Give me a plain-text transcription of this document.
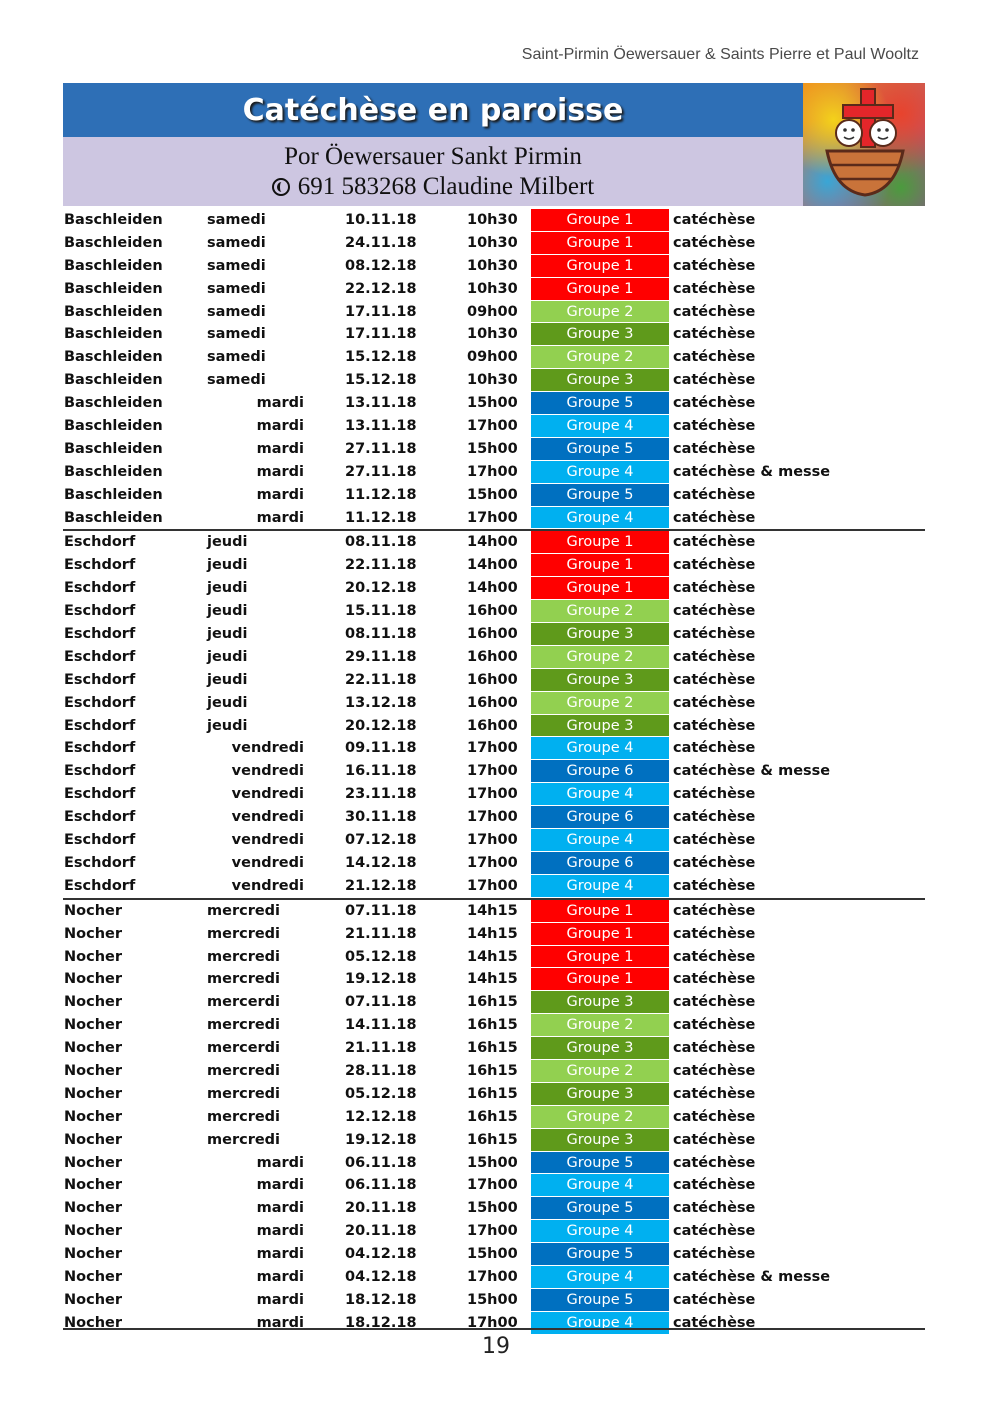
Saint-Pirmin Öewersauer & Saints Pierre et Paul Wooltz
Catéchèse en paroisse
Por Öewersauer Sankt Pirmin
691 583268 Claudine Milbert
Baschleiden	samedi	10.11.18	10h30	Groupe 1	catéchèse
Baschleiden	samedi	24.11.18	10h30	Groupe 1	catéchèse
Baschleiden	samedi	08.12.18	10h30	Groupe 1	catéchèse
Baschleiden	samedi	22.12.18	10h30	Groupe 1	catéchèse
Baschleiden	samedi	17.11.18	09h00	Groupe 2	catéchèse
Baschleiden	samedi	17.11.18	10h30	Groupe 3	catéchèse
Baschleiden	samedi	15.12.18	09h00	Groupe 2	catéchèse
Baschleiden	samedi	15.12.18	10h30	Groupe 3	catéchèse
Baschleiden	mardi	13.11.18	15h00	Groupe 5	catéchèse
Baschleiden	mardi	13.11.18	17h00	Groupe 4	catéchèse
Baschleiden	mardi	27.11.18	15h00	Groupe 5	catéchèse
Baschleiden	mardi	27.11.18	17h00	Groupe 4	catéchèse & messe
Baschleiden	mardi	11.12.18	15h00	Groupe 5	catéchèse
Baschleiden	mardi	11.12.18	17h00	Groupe 4	catéchèse
Eschdorf	jeudi	08.11.18	14h00	Groupe 1	catéchèse
Eschdorf	jeudi	22.11.18	14h00	Groupe 1	catéchèse
Eschdorf	jeudi	20.12.18	14h00	Groupe 1	catéchèse
Eschdorf	jeudi	15.11.18	16h00	Groupe 2	catéchèse
Eschdorf	jeudi	08.11.18	16h00	Groupe 3	catéchèse
Eschdorf	jeudi	29.11.18	16h00	Groupe 2	catéchèse
Eschdorf	jeudi	22.11.18	16h00	Groupe 3	catéchèse
Eschdorf	jeudi	13.12.18	16h00	Groupe 2	catéchèse
Eschdorf	jeudi	20.12.18	16h00	Groupe 3	catéchèse
Eschdorf	vendredi	09.11.18	17h00	Groupe 4	catéchèse
Eschdorf	vendredi	16.11.18	17h00	Groupe 6	catéchèse & messe
Eschdorf	vendredi	23.11.18	17h00	Groupe 4	catéchèse
Eschdorf	vendredi	30.11.18	17h00	Groupe 6	catéchèse
Eschdorf	vendredi	07.12.18	17h00	Groupe 4	catéchèse
Eschdorf	vendredi	14.12.18	17h00	Groupe 6	catéchèse
Eschdorf	vendredi	21.12.18	17h00	Groupe 4	catéchèse
Nocher	mercredi	07.11.18	14h15	Groupe 1	catéchèse
Nocher	mercredi	21.11.18	14h15	Groupe 1	catéchèse
Nocher	mercredi	05.12.18	14h15	Groupe 1	catéchèse
Nocher	mercredi	19.12.18	14h15	Groupe 1	catéchèse
Nocher	mercerdi	07.11.18	16h15	Groupe 3	catéchèse
Nocher	mercredi	14.11.18	16h15	Groupe 2	catéchèse
Nocher	mercerdi	21.11.18	16h15	Groupe 3	catéchèse
Nocher	mercredi	28.11.18	16h15	Groupe 2	catéchèse
Nocher	mercredi	05.12.18	16h15	Groupe 3	catéchèse
Nocher	mercredi	12.12.18	16h15	Groupe 2	catéchèse
Nocher	mercredi	19.12.18	16h15	Groupe 3	catéchèse
Nocher	mardi	06.11.18	15h00	Groupe 5	catéchèse
Nocher	mardi	06.11.18	17h00	Groupe 4	catéchèse
Nocher	mardi	20.11.18	15h00	Groupe 5	catéchèse
Nocher	mardi	20.11.18	17h00	Groupe 4	catéchèse
Nocher	mardi	04.12.18	15h00	Groupe 5	catéchèse
Nocher	mardi	04.12.18	17h00	Groupe 4	catéchèse & messe
Nocher	mardi	18.12.18	15h00	Groupe 5	catéchèse
Nocher	mardi	18.12.18	17h00	Groupe 4	catéchèse
19
